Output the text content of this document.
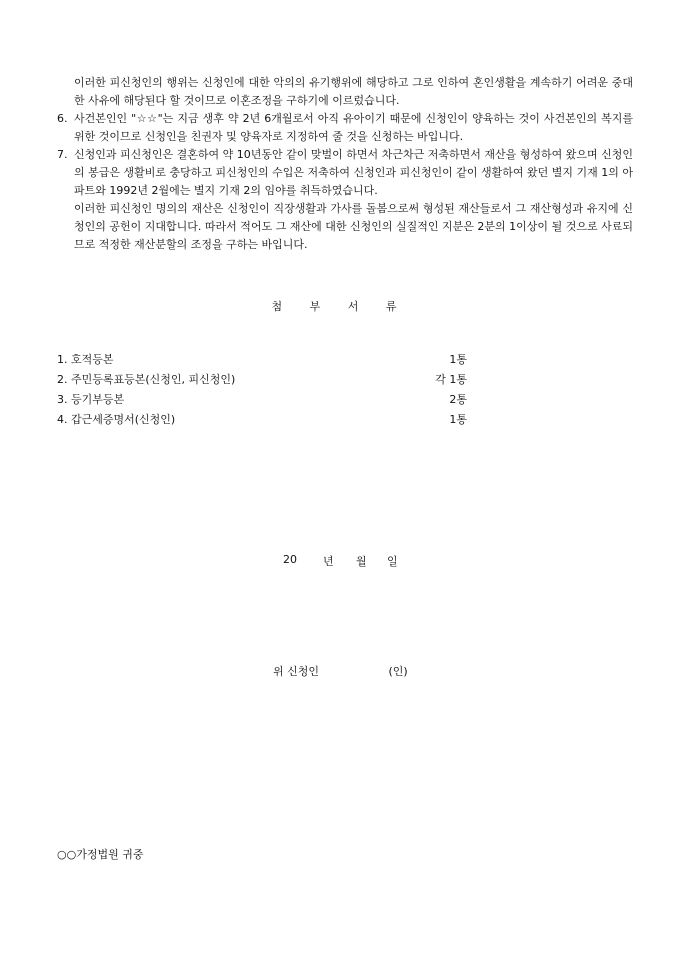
이러한 피신청인의 행위는 신청인에 대한 악의의 유기행위에 해당하고 그로 인하여 혼인생활을 계속하기 어려운 중대한 사유에 해당된다 할 것이므로 이혼조정을 구하기에 이르렀습니다.

6. 사건본인인 "☆☆"는 지금 생후 약 2년 6개월로서 아직 유아이기 때문에 신청인이 양육하는 것이 사건본인의 복지를 위한 것이므로 신청인을 친권자 및 양육자로 지정하여 줄 것을 신청하는 바입니다.
7. 신청인과 피신청인은 결혼하여 약 10년동안 같이 맞벌이 하면서 차근차근 저축하면서 재산을 형성하여 왔으며 신청인의 봉급은 생활비로 충당하고 피신청인의 수입은 저축하여 신청인과 피신청인이 같이 생활하여 왔던 별지 기재 1의 아파트와 1992년 2월에는 별지 기재 2의 임야를 취득하였습니다.

이러한 피신청인 명의의 재산은 신청인이 직장생활과 가사를 돌봄으로써 형성된 재산들로서 그 재산형성과 유지에 신청인의 공헌이 지대합니다. 따라서 적어도 그 재산에 대한 신청인의 실질적인 지분은 2분의 1이상이 될 것으로 사료되므로 적정한 재산분할의 조정을 구하는 바입니다.

첨 부 서 류
1. 호적등본	1통
2. 주민등록표등본(신청인, 피신청인)	각 1통
3. 등기부등본	2통
4. 갑근세증명서(신청인)	1통
20	년	월	일
위 신청인	(인)
○○가정법원 귀중
